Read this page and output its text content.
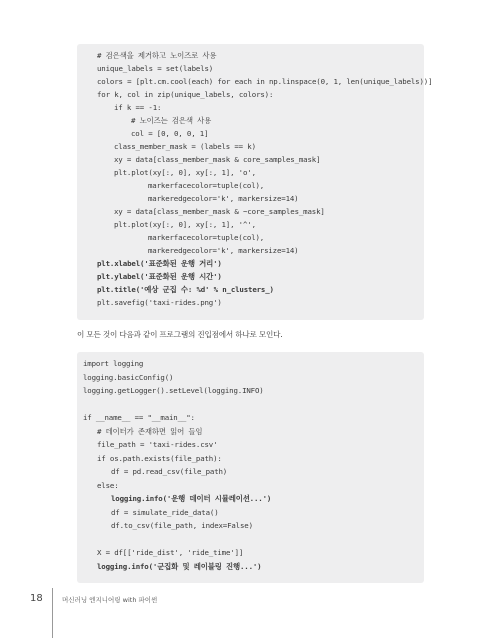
# 검은색을 제거하고 노이즈로 사용
unique_labels = set(labels)
colors = [plt.cm.cool(each) for each in np.linspace(0, 1, len(unique_labels))]
for k, col in zip(unique_labels, colors):
if k == -1:
# 노이즈는 검은색 사용
col = [0, 0, 0, 1]
class_member_mask = (labels == k)
xy = data[class_member_mask & core_samples_mask]
plt.plot(xy[:, 0], xy[:, 1], 'o',
markerfacecolor=tuple(col),
markeredgecolor='k', markersize=14)
xy = data[class_member_mask & ~core_samples_mask]
plt.plot(xy[:, 0], xy[:, 1], '^',
markerfacecolor=tuple(col),
markeredgecolor='k', markersize=14)
plt.xlabel('표준화된 운행 거리')
plt.ylabel('표준화된 운행 시간')
plt.title('예상 군집 수: %d' % n_clusters_)
plt.savefig('taxi-rides.png')
이 모든 것이 다음과 같이 프로그램의 진입점에서 하나로 모인다.
import logging
logging.basicConfig()
logging.getLogger().setLevel(logging.INFO)
if __name__ == "__main__":
# 데이터가 존재하면 읽어 들임
file_path = 'taxi-rides.csv'
if os.path.exists(file_path):
df = pd.read_csv(file_path)
else:
logging.info('운행 데이터 시뮬레이션...')
df = simulate_ride_data()
df.to_csv(file_path, index=False)
X = df[['ride_dist', 'ride_time']]
logging.info('군집화 및 레이블링 진행...')
18	머신러닝 엔지니어링 with 파이썬
